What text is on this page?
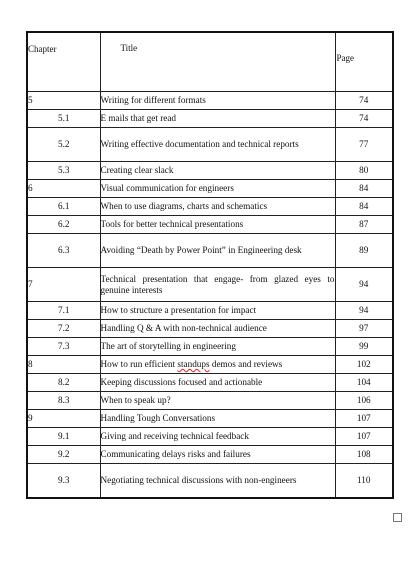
Chapter	Title	Page
5	Writing for different formats	74
5.1	E mails that get read	74
5.2	Writing effective documentation and technical reports	77
5.3	Creating clear slack	80
6	Visual communication for engineers	84
6.1	When to use diagrams, charts and schematics	84
6.2	Tools for better technical presentations	87
6.3	Avoiding “Death by Power Point” in Engineering desk	89
7	Technical presentation that engage- from glazed eyes to genuine interests	94
7.1	How to structure a presentation for impact	94
7.2	Handling Q & A with non-technical audience	97
7.3	The art of storytelling in engineering	99
8	How to run efficient standups demos and reviews	102
8.2	Keeping discussions focused and actionable	104
8.3	When to speak up?	106
9	Handling Tough Conversations	107
9.1	Giving and receiving technical feedback	107
9.2	Communicating delays risks and failures	108
9.3	Negotiating technical discussions with non-engineers	110
